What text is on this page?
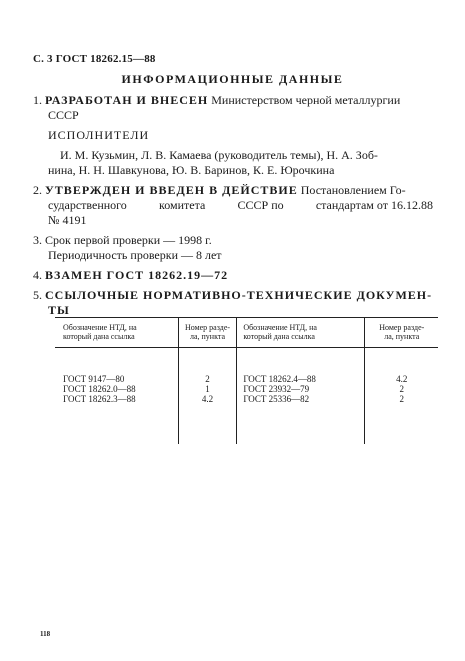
С. 3 ГОСТ 18262.15—88
ИНФОРМАЦИОННЫЕ ДАННЫЕ
1. РАЗРАБОТАН И ВНЕСЕН Министерством черной металлургии
СССР
ИСПОЛНИТЕЛИ
И. М. Кузьмин, Л. В. Камаева (руководитель темы), Н. А. Зоб-
нина, Н. Н. Шавкунова, Ю. В. Баринов, К. Е. Юрочкина
2. УТВЕРЖДЕН И ВВЕДЕН В ДЕЙСТВИЕ Постановлением Го-
сударственного	комитета	СССР по	стандартам от 16.12.88
№ 4191
3. Срок первой проверки — 1998 г.
Периодичность проверки — 8 лет
4. ВЗАМЕН ГОСТ 18262.19—72
5. ССЫЛОЧНЫЕ НОРМАТИВНО-ТЕХНИЧЕСКИЕ ДОКУМЕН-
ТЫ
Обозначение НТД, на
который дана ссылка	Номер разде-
ла, пункта	Обозначение НТД, на
который дана ссылка	Номер разде-
ла, пункта
ГОСТ 9147—80	2	ГОСТ 18262.4—88	4.2
ГОСТ 18262.0—88	1	ГОСТ 23932—79	2
ГОСТ 18262.3—88	4.2	ГОСТ 25336—82	2

118
